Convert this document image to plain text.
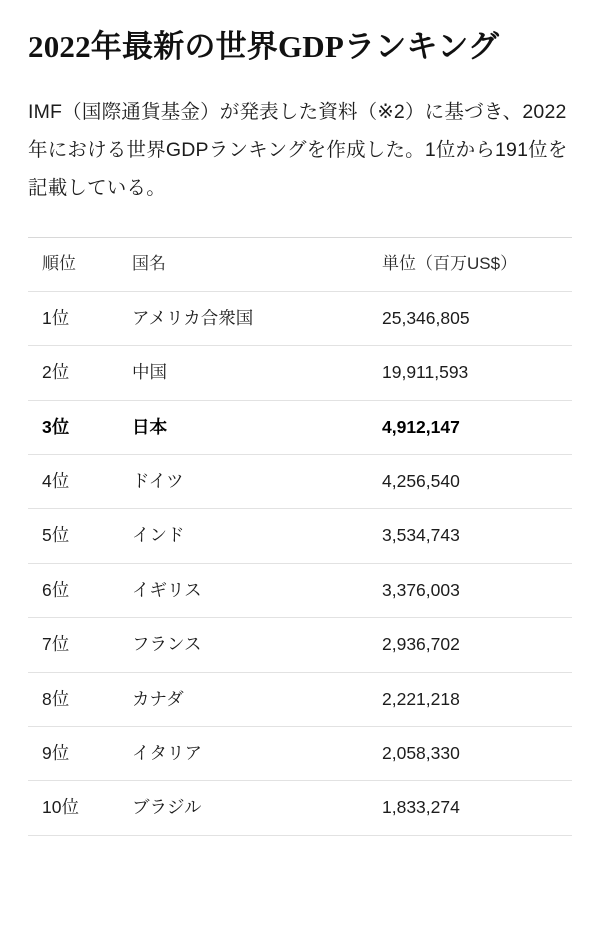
2022年最新の世界GDPランキング

IMF（国際通貨基金）が発表した資料（※2）に基づき、2022年における世界GDPランキングを作成した。1位から191位を記載している。

順位	国名	単位（百万US$）
1位	アメリカ合衆国	25,346,805
2位	中国	19,911,593
3位	日本	4,912,147
4位	ドイツ	4,256,540
5位	インド	3,534,743
6位	イギリス	3,376,003
7位	フランス	2,936,702
8位	カナダ	2,221,218
9位	イタリア	2,058,330
10位	ブラジル	1,833,274
